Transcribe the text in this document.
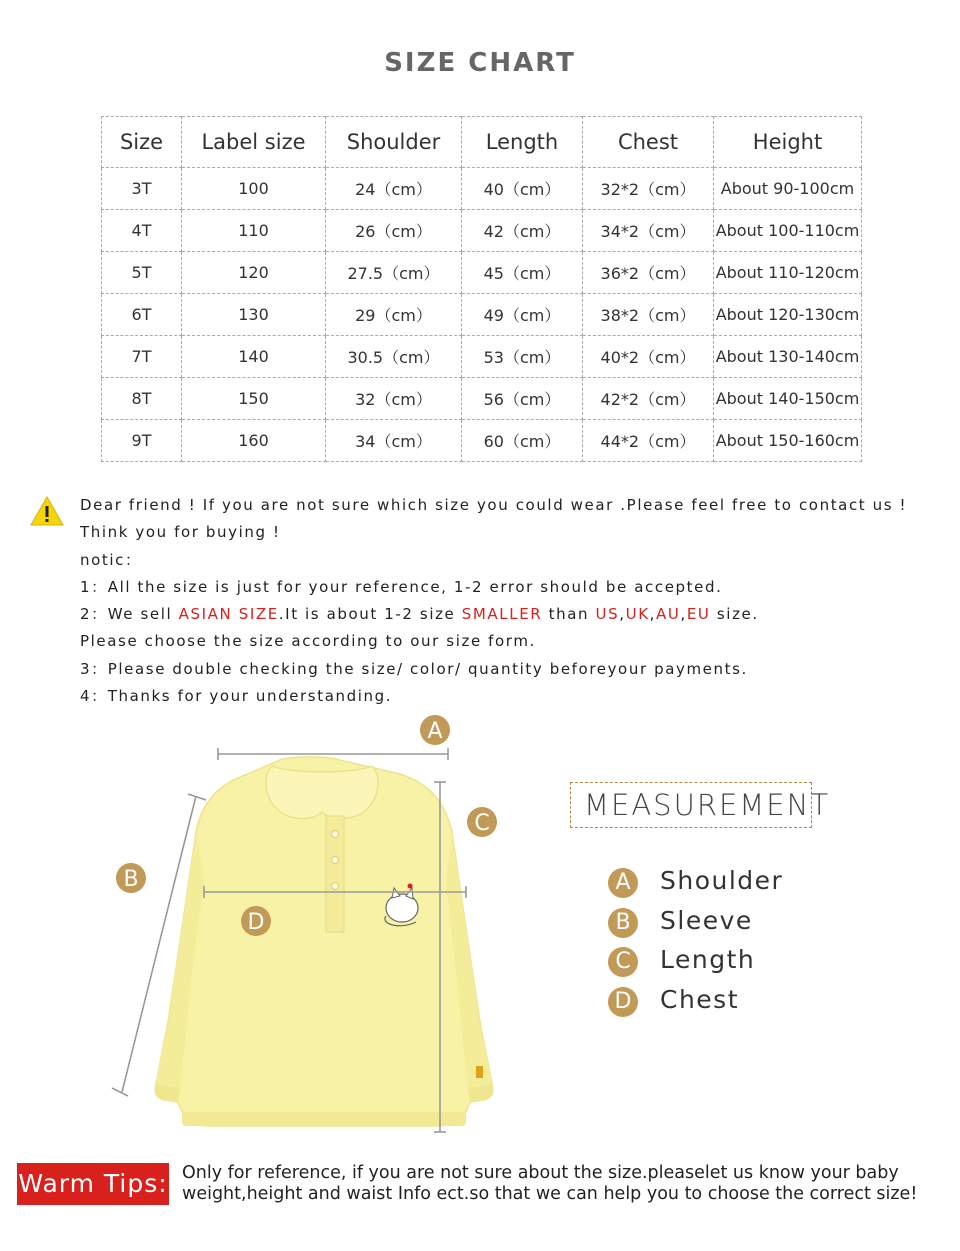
SIZE CHART
Size	Label size	Shoulder	Length	Chest	Height
3T	100	24（cm）	40（cm）	32*2（cm）	About 90-100cm
4T	110	26（cm）	42（cm）	34*2（cm）	About 100-110cm
5T	120	27.5（cm）	45（cm）	36*2（cm）	About 110-120cm
6T	130	29（cm）	49（cm）	38*2（cm）	About 120-130cm
7T	140	30.5（cm）	53（cm）	40*2（cm）	About 130-140cm
8T	150	32（cm）	56（cm）	42*2（cm）	About 140-150cm
9T	160	34（cm）	60（cm）	44*2（cm）	About 150-160cm

Dear friend ! If you are not sure which size you could wear .Please feel free to contact us !

Think you for buying !

notic：

1：All the size is just for your reference, 1-2 error should be accepted.

2：We sell ASIAN SIZE.It is about 1-2 size SMALLER than US,UK,AU,EU size.

Please choose the size according to our size form.

3：Please double checking the size/ color/ quantity beforeyour payments.

4：Thanks for your understanding.

A
B
C
D
MEASUREMENT
A Shoulder
B Sleeve
C Length
D Chest
Warm Tips: Only for reference, if you are not sure about the size.pleaselet us know your baby
weight,height and waist Info ect.so that we can help you to choose the correct size!
